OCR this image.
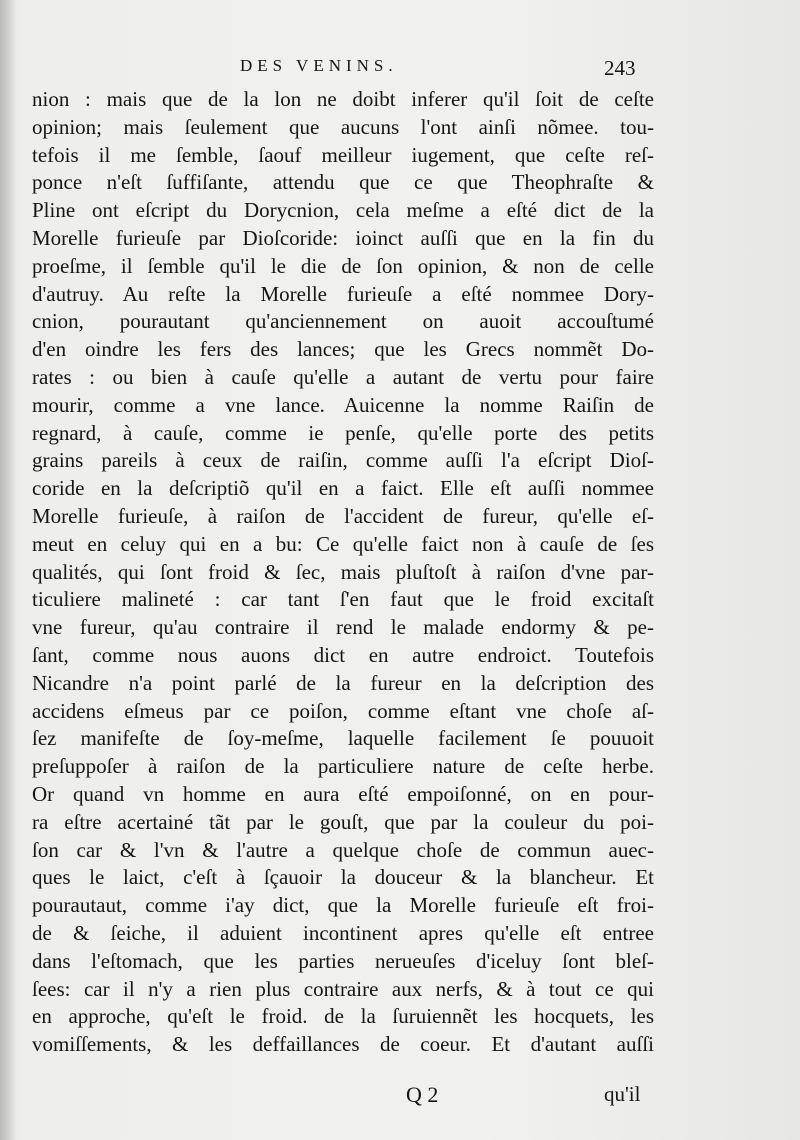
DES VENINS.	243
nion : mais que de la lon ne doibt inferer qu'il ſoit de ceſte
opinion; mais ſeulement que aucuns l'ont ainſi nõmee. tou-
tefois il me ſemble, ſaouf meilleur iugement, que ceſte reſ-
ponce n'eſt ſuffiſante, attendu que ce que Theophraſte &
Pline ont eſcript du Dorycnion, cela meſme a eſté dict de la
Morelle furieuſe par Dioſcoride: ioinct auſſi que en la fin du
proeſme, il ſemble qu'il le die de ſon opinion, & non de celle
d'autruy. Au reſte la Morelle furieuſe a eſté nommee Dory-
cnion, pourautant qu'anciennement on auoit accouſtumé
d'en oindre les fers des lances; que les Grecs nommẽt Do-
rates : ou bien à cauſe qu'elle a autant de vertu pour faire
mourir, comme a vne lance. Auicenne la nomme Raiſin de
regnard, à cauſe, comme ie penſe, qu'elle porte des petits
grains pareils à ceux de raiſin, comme auſſi l'a eſcript Dioſ-
coride en la deſcriptiõ qu'il en a faict. Elle eſt auſſi nommee
Morelle furieuſe, à raiſon de l'accident de fureur, qu'elle eſ-
meut en celuy qui en a bu: Ce qu'elle faict non à cauſe de ſes
qualités, qui ſont froid & ſec, mais pluſtoſt à raiſon d'vne par-
ticuliere malineté : car tant ſ'en faut que le froid excitaſt
vne fureur, qu'au contraire il rend le malade endormy & pe-
ſant, comme nous auons dict en autre endroict. Toutefois
Nicandre n'a point parlé de la fureur en la deſcription des
accidens eſmeus par ce poiſon, comme eſtant vne choſe aſ-
ſez manifeſte de ſoy-meſme, laquelle facilement ſe pouuoit
preſuppoſer à raiſon de la particuliere nature de ceſte herbe.
Or quand vn homme en aura eſté empoiſonné, on en pour-
ra eſtre acertainé tãt par le gouſt, que par la couleur du poi-
ſon car & l'vn & l'autre a quelque choſe de commun auec-
ques le laict, c'eſt à ſçauoir la douceur & la blancheur. Et
pourautaut, comme i'ay dict, que la Morelle furieuſe eſt froi-
de & ſeiche, il aduient incontinent apres qu'elle eſt entree
dans l'eſtomach, que les parties nerueuſes d'iceluy ſont bleſ-
ſees: car il n'y a rien plus contraire aux nerfs, & à tout ce qui
en approche, qu'eſt le froid. de la ſuruiennẽt les hocquets, les
vomiſſements, & les deffaillances de coeur. Et d'autant auſſi
Q 2	qu'il
